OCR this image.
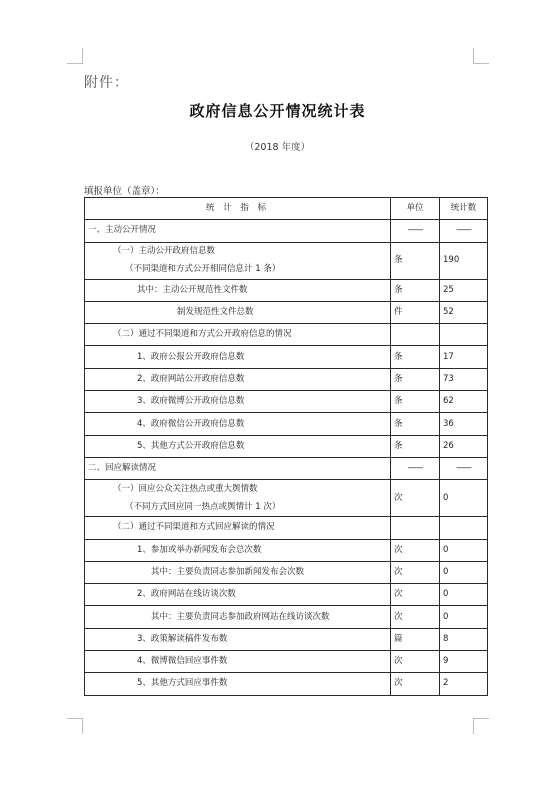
附件：
政府信息公开情况统计表
（2018 年度）
填报单位（盖章）：
统 计 指 标	单位	统计数
一、主动公开情况	——	——
（一）主动公开政府信息数
（不同渠道和方式公开相同信息计 1 条）	条	190
其中：主动公开规范性文件数	条	25
制发规范性文件总数	件	52
（二）通过不同渠道和方式公开政府信息的情况		
1、政府公报公开政府信息数	条	17
2、政府网站公开政府信息数	条	73
3、政府微博公开政府信息数	条	62
4、政府微信公开政府信息数	条	36
5、其他方式公开政府信息数	条	26
二、回应解读情况	——	——
（一）回应公众关注热点或重大舆情数
（不同方式回应同一热点或舆情计 1 次）	次	0
（二）通过不同渠道和方式回应解读的情况		
1、参加或举办新闻发布会总次数	次	0
其中：主要负责同志参加新闻发布会次数	次	0
2、政府网站在线访谈次数	次	0
其中：主要负责同志参加政府网站在线访谈次数	次	0
3、政策解读稿件发布数	篇	8
4、微博微信回应事件数	次	9
5、其他方式回应事件数	次	2
